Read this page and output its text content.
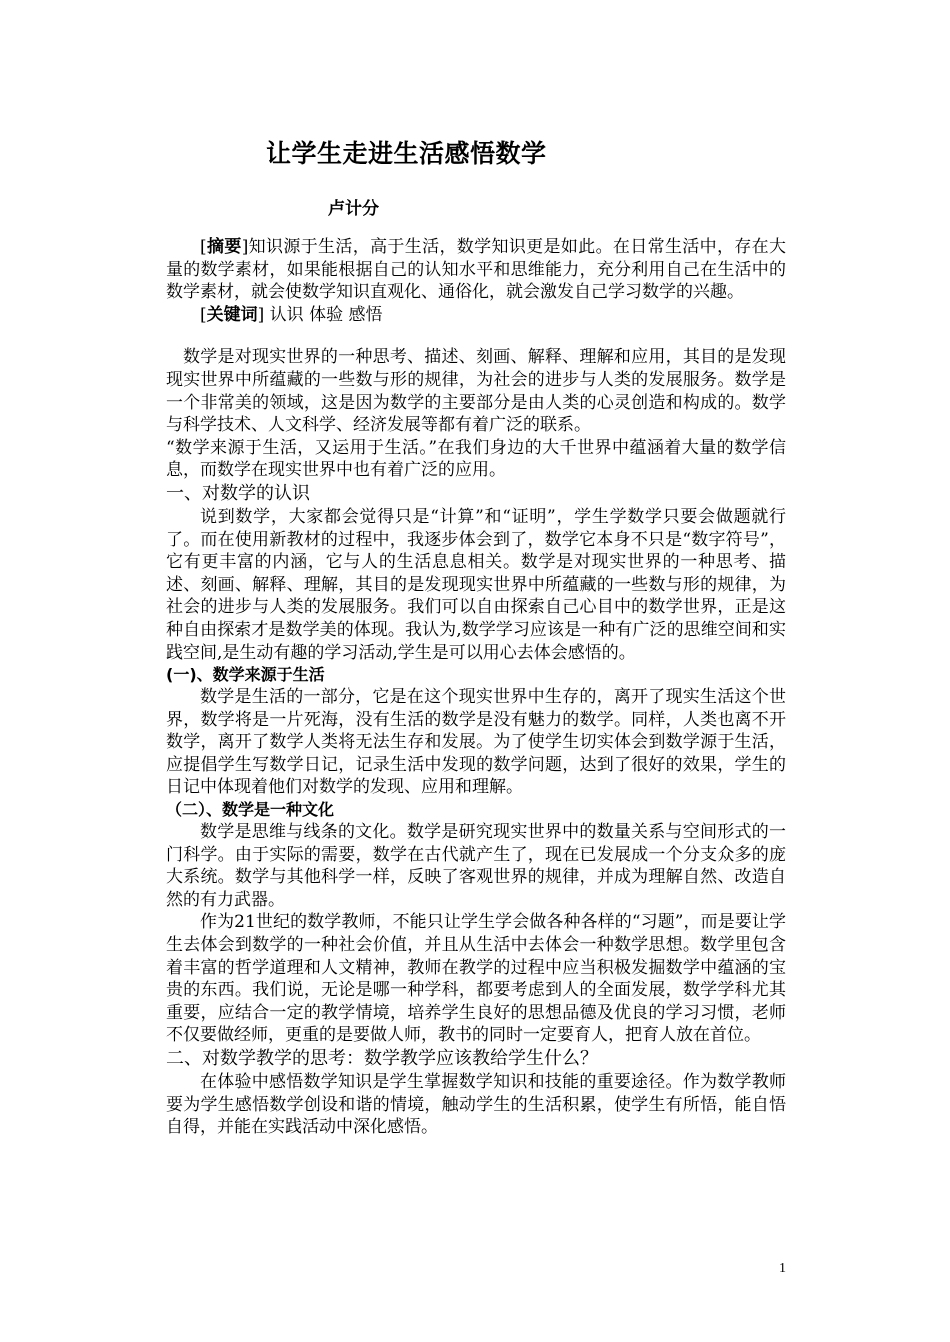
让学生走进生活感悟数学
卢计分

[摘要]知识源于生活，高于生活，数学知识更是如此。在日常生活中，存在大量的数学素材，如果能根据自己的认知水平和思维能力，充分利用自己在生活中的数学素材，就会使数学知识直观化、通俗化，就会激发自己学习数学的兴趣。

[关键词] 认识 体验 感悟

数学是对现实世界的一种思考、描述、刻画、解释、理解和应用，其目的是发现现实世界中所蕴藏的一些数与形的规律，为社会的进步与人类的发展服务。数学是一个非常美的领域，这是因为数学的主要部分是由人类的心灵创造和构成的。数学与科学技术、人文科学、经济发展等都有着广泛的联系。

“数学来源于生活，又运用于生活。”在我们身边的大千世界中蕴涵着大量的数学信息，而数学在现实世界中也有着广泛的应用。

一、对数学的认识

说到数学，大家都会觉得只是“计算”和“证明”，学生学数学只要会做题就行了。而在使用新教材的过程中，我逐步体会到了，数学它本身不只是“数字符号”，它有更丰富的内涵，它与人的生活息息相关。数学是对现实世界的一种思考、描述、刻画、解释、理解，其目的是发现现实世界中所蕴藏的一些数与形的规律，为社会的进步与人类的发展服务。我们可以自由探索自己心目中的数学世界，正是这种自由探索才是数学美的体现。我认为,数学学习应该是一种有广泛的思维空间和实践空间,是生动有趣的学习活动,学生是可以用心去体会感悟的。

(一)、数学来源于生活

数学是生活的一部分，它是在这个现实世界中生存的，离开了现实生活这个世界，数学将是一片死海，没有生活的数学是没有魅力的数学。同样，人类也离不开数学，离开了数学人类将无法生存和发展。为了使学生切实体会到数学源于生活，应提倡学生写数学日记，记录生活中发现的数学问题，达到了很好的效果，学生的日记中体现着他们对数学的发现、应用和理解。

（二）、数学是一种文化

数学是思维与线条的文化。数学是研究现实世界中的数量关系与空间形式的一门科学。由于实际的需要，数学在古代就产生了，现在已发展成一个分支众多的庞大系统。数学与其他科学一样，反映了客观世界的规律，并成为理解自然、改造自然的有力武器。

作为21世纪的数学教师，不能只让学生学会做各种各样的“习题”，而是要让学生去体会到数学的一种社会价值，并且从生活中去体会一种数学思想。数学里包含着丰富的哲学道理和人文精神，教师在教学的过程中应当积极发掘数学中蕴涵的宝贵的东西。我们说，无论是哪一种学科，都要考虑到人的全面发展，数学学科尤其重要，应结合一定的教学情境，培养学生良好的思想品德及优良的学习习惯，老师不仅要做经师，更重的是要做人师，教书的同时一定要育人，把育人放在首位。

二、对数学教学的思考：数学教学应该教给学生什么？

在体验中感悟数学知识是学生掌握数学知识和技能的重要途径。作为数学教师要为学生感悟数学创设和谐的情境，触动学生的生活积累，使学生有所悟，能自悟自得，并能在实践活动中深化感悟。

1
